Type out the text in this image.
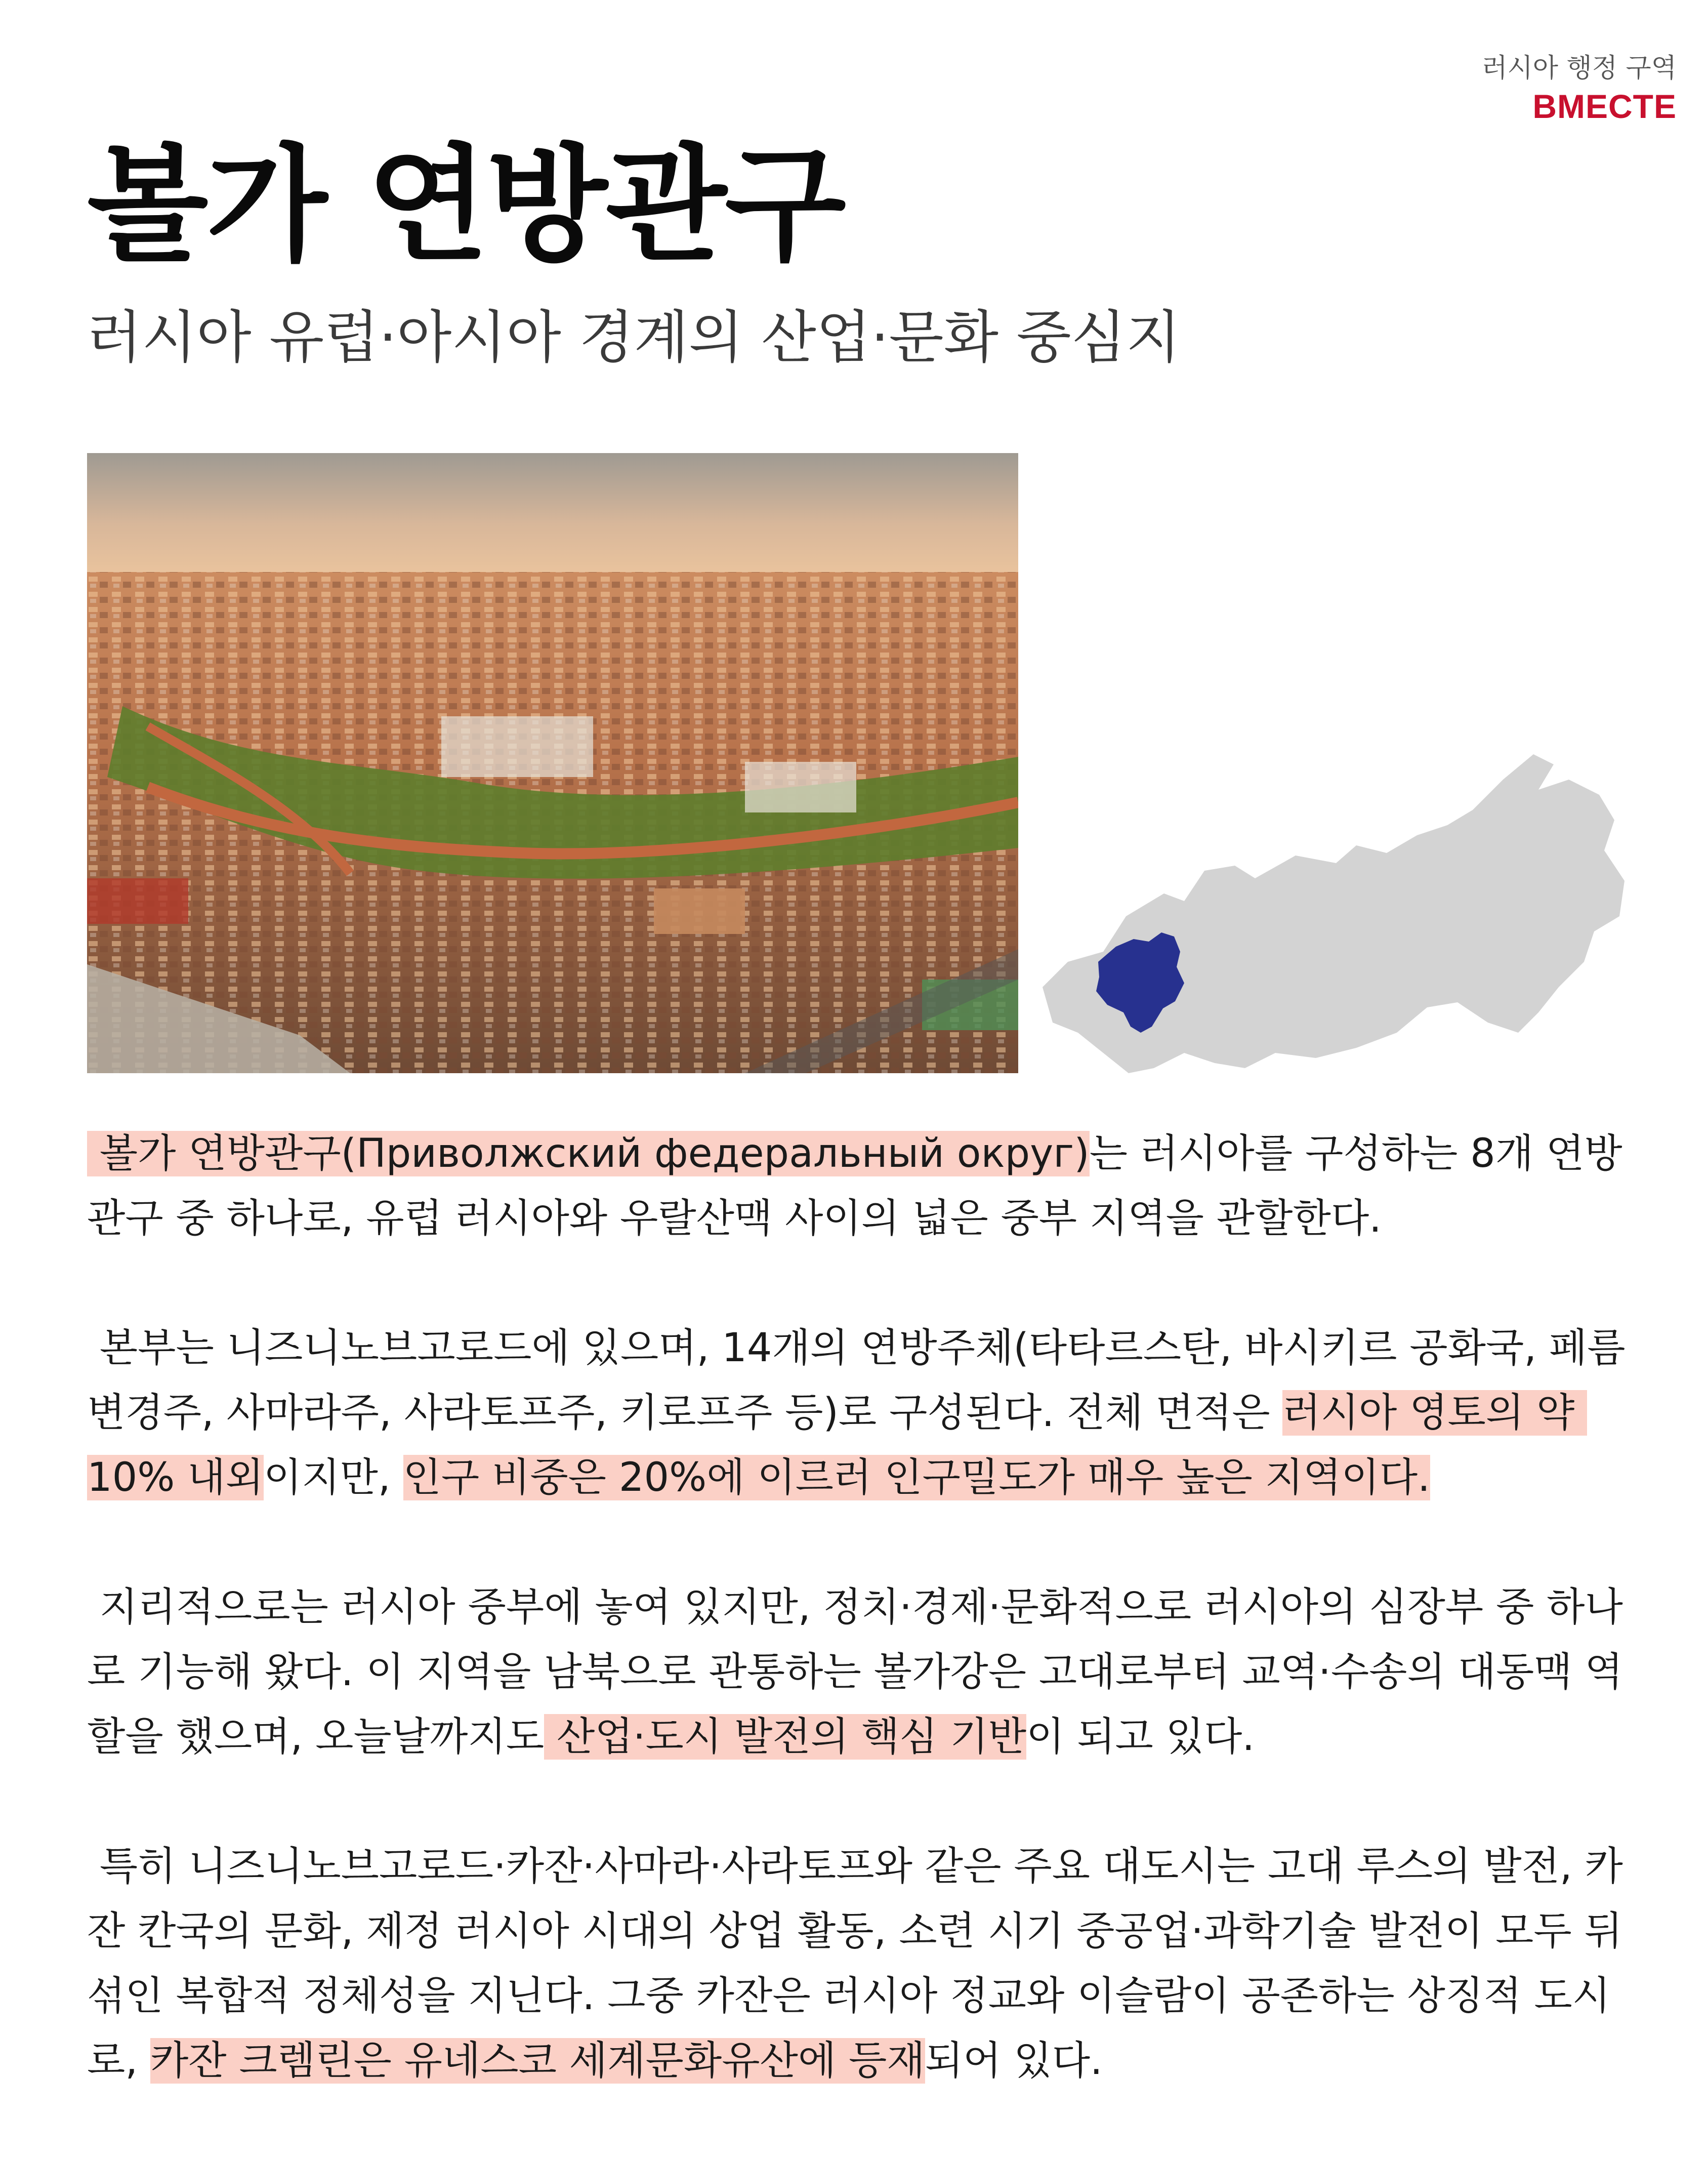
러시아 행정 구역
BMECTE
볼가 연방관구
러시아 유럽·아시아 경계의 산업·문화 중심지

볼가 연방관구(Приволжский федеральный округ)는 러시아를 구성하는 8개 연방관구 중 하나로, 유럽 러시아와 우랄산맥 사이의 넓은 중부 지역을 관할한다.

본부는 니즈니노브고로드에 있으며, 14개의 연방주체(타타르스탄, 바시키르 공화국, 페름 변경주, 사마라주, 사라토프주, 키로프주 등)로 구성된다. 전체 면적은 러시아 영토의 약 10% 내외이지만, 인구 비중은 20%에 이르러 인구밀도가 매우 높은 지역이다.

지리적으로는 러시아 중부에 놓여 있지만, 정치·경제·문화적으로 러시아의 심장부 중 하나로 기능해 왔다. 이 지역을 남북으로 관통하는 볼가강은 고대로부터 교역·수송의 대동맥 역할을 했으며, 오늘날까지도 산업·도시 발전의 핵심 기반이 되고 있다.

특히 니즈니노브고로드·카잔·사마라·사라토프와 같은 주요 대도시는 고대 루스의 발전, 카잔 칸국의 문화, 제정 러시아 시대의 상업 활동, 소련 시기 중공업·과학기술 발전이 모두 뒤섞인 복합적 정체성을 지닌다. 그중 카잔은 러시아 정교와 이슬람이 공존하는 상징적 도시로, 카잔 크렘린은 유네스코 세계문화유산에 등재되어 있다.
